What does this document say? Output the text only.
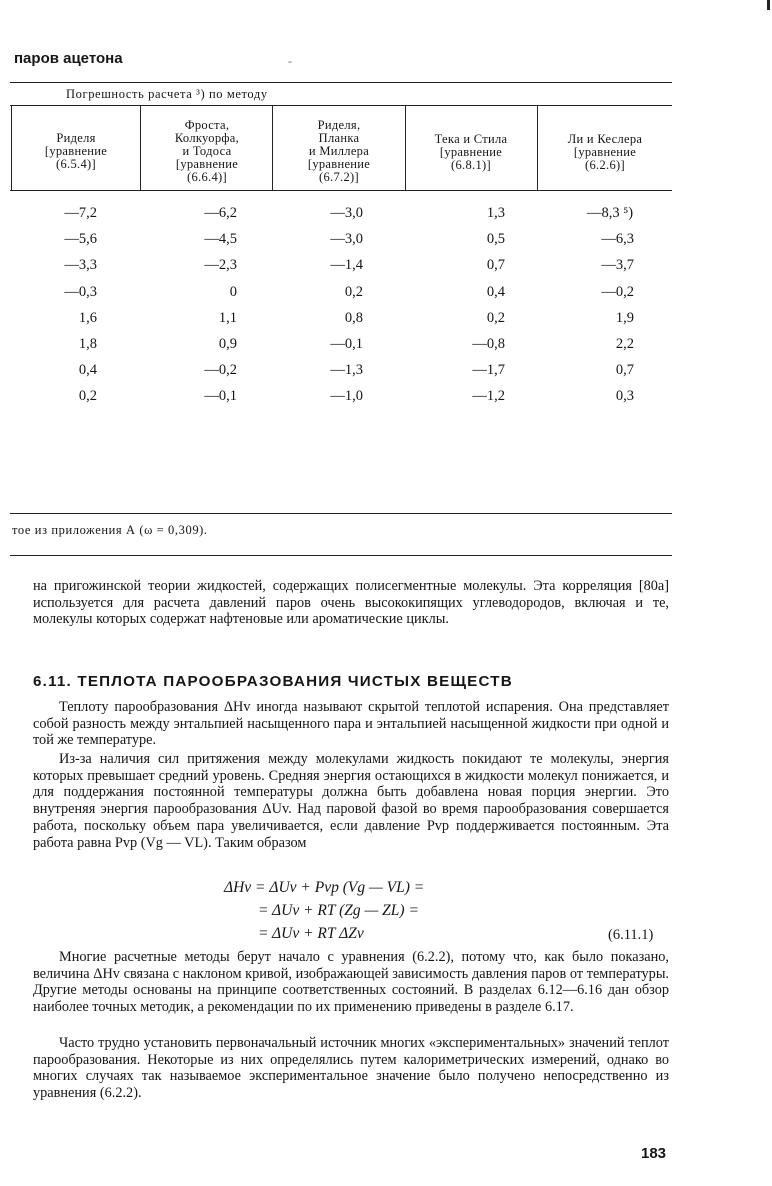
паров ацетона	-
Погрешность расчета ³) по методу
Риделя
[уравнение
(6.5.4)]
Фроста,
Колкуорфа,
и Тодоса
[уравнение
(6.6.4)]
Риделя,
Планка
и Миллера
[уравнение
(6.7.2)]
Тека и Стила
[уравнение
(6.8.1)]
Ли и Кеслера
[уравнение
(6.2.6)]
—7,2	—6,2	—3,0	1,3	—8,3 ⁵)
—5,6	—4,5	—3,0	0,5	—6,3
—3,3	—2,3	—1,4	0,7	—3,7
—0,3	0	0,2	0,4	—0,2
1,6	1,1	0,8	0,2	1,9
1,8	0,9	—0,1	—0,8	2,2
0,4	—0,2	—1,3	—1,7	0,7
0,2	—0,1	—1,0	—1,2	0,3
тое из приложения А (ω = 0,309).

на пригожинской теории жидкостей, содержащих полисегментные молекулы. Эта корреляция [80а] используется для расчета давлений паров очень высококипящих углеводородов, включая и те, молекулы которых содержат нафтеновые или ароматические циклы.

6.11. ТЕПЛОТА ПАРООБРАЗОВАНИЯ ЧИСТЫХ ВЕЩЕСТВ

Теплоту парообразования ΔHv иногда называют скрытой теплотой испарения. Она представляет собой разность между энтальпией насыщенного пара и энтальпией насыщенной жидкости при одной и той же температуре.

Из-за наличия сил притяжения между молекулами жидкость покидают те молекулы, энергия которых превышает средний уровень. Средняя энергия остающихся в жидкости молекул понижается, и для поддержания постоянной температуры должна быть добавлена новая порция энергии. Это внутреняя энергия парообразования ΔUv. Над паровой фазой во время парообразования совершается работа, поскольку объем пара увеличивается, если давление Pvp поддерживается постоянным. Эта работа равна Pvp (Vg — VL). Таким образом

ΔHv = ΔUv + Pvp (Vg — VL) =
= ΔUv + RT (Zg — ZL) =
= ΔUv + RT ΔZv	(6.11.1)

Многие расчетные методы берут начало с уравнения (6.2.2), потому что, как было показано, величина ΔHv связана с наклоном кривой, изображающей зависимость давления паров от температуры. Другие методы основаны на принципе соответственных состояний. В разделах 6.12—6.16 дан обзор наиболее точных методик, а рекомендации по их применению приведены в разделе 6.17.

Часто трудно установить первоначальный источник многих «экспериментальных» значений теплот парообразования. Некоторые из них определялись путем калориметрических измерений, однако во многих случаях так называемое экспериментальное значение было получено непосредственно из уравнения (6.2.2).

183
